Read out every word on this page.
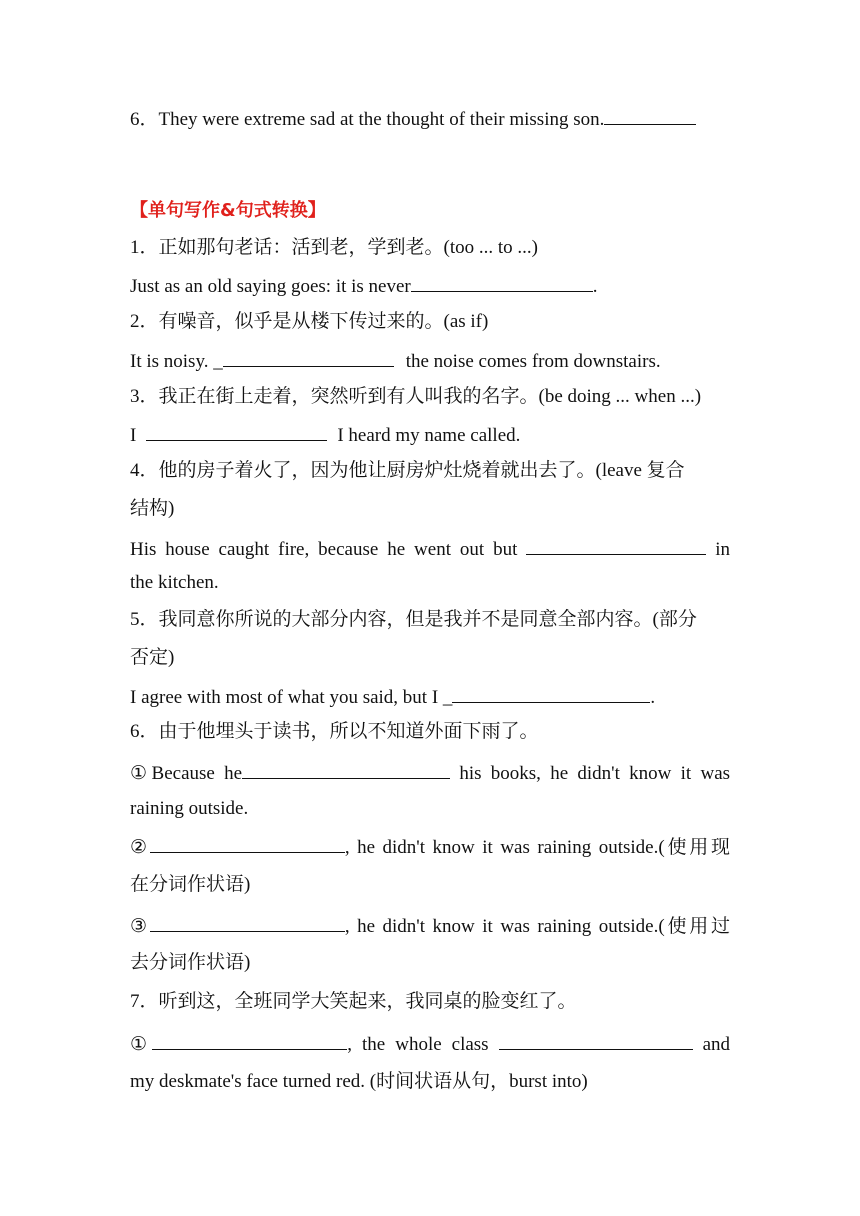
6．They were extreme sad at the thought of their missing son.
【单句写作&句式转换】
1．正如那句老话：活到老，学到老。(too ... to ...)
Just as an old saying goes: it is never	.
2．有噪音，似乎是从楼下传过来的。(as if)
It is noisy. _	the noise comes from downstairs.
3．我正在街上走着，突然听到有人叫我的名字。(be doing ... when ...)
I	I heard my name called.
4．他的房子着火了，因为他让厨房炉灶烧着就出去了。(leave 复合
结构)
His house caught fire, because he went out but	in
the kitchen.
5．我同意你所说的大部分内容，但是我并不是同意全部内容。(部分
否定)
I agree with most of what you said, but I _	.
6．由于他埋头于读书，所以不知道外面下雨了。
①Because he	his books, he didn't know it was
raining outside.
②	, he didn't know it was raining outside.(使用现
在分词作状语)
③	, he didn't know it was raining outside.(使用过
去分词作状语)
7．听到这，全班同学大笑起来，我同桌的脸变红了。
①	, the whole class	and
my deskmate's face turned red. (时间状语从句，burst into)
